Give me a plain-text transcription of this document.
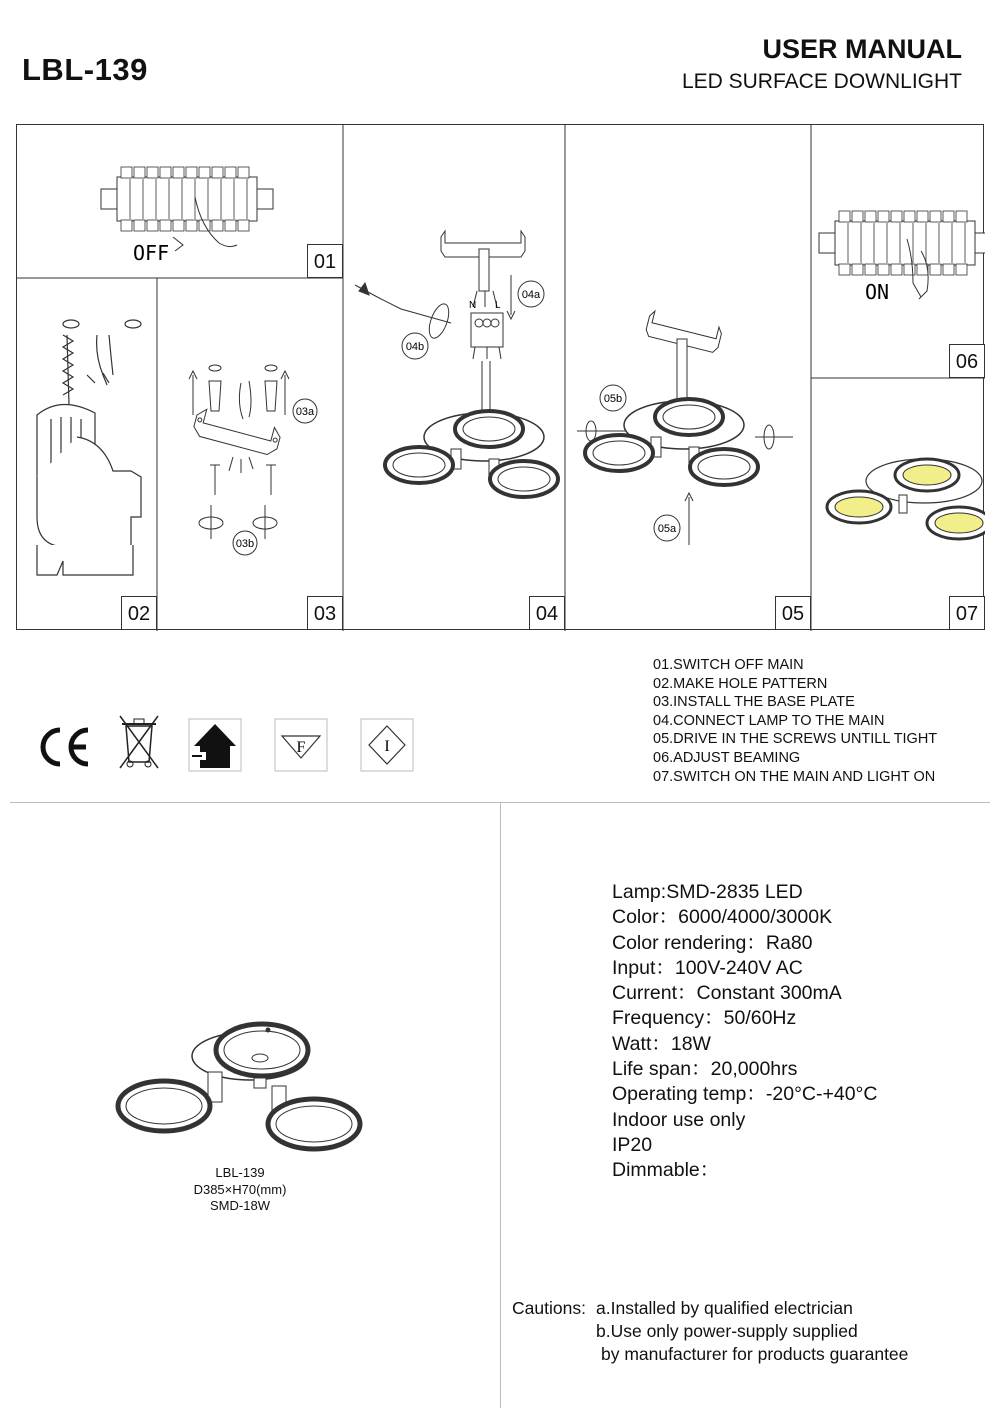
LBL-139
USER MANUAL
LED SURFACE DOWNLIGHT
OFF
03a
03b
N L
04a
04b
05b
05a
ON
01
02	03	04	05
06
07
01.SWITCH OFF MAIN
02.MAKE HOLE PATTERN
03.INSTALL THE BASE PLATE
04.CONNECT LAMP TO THE MAIN
05.DRIVE IN THE SCREWS UNTILL TIGHT
06.ADJUST BEAMING
07.SWITCH ON THE MAIN AND LIGHT ON
CE
F	I
LBL-139
D385×H70(mm)
SMD-18W
Lamp:SMD-2835 LED
Color：6000/4000/3000K
Color rendering：Ra80
Input：100V-240V AC
Current：Constant 300mA
Frequency：50/60Hz
Watt：18W
Life span：20,000hrs
Operating temp：-20°C-+40°C
Indoor use only
IP20
Dimmable：
Cautions: a.Installed by qualified electrician
b.Use only power-supply supplied
by manufacturer for products guarantee
